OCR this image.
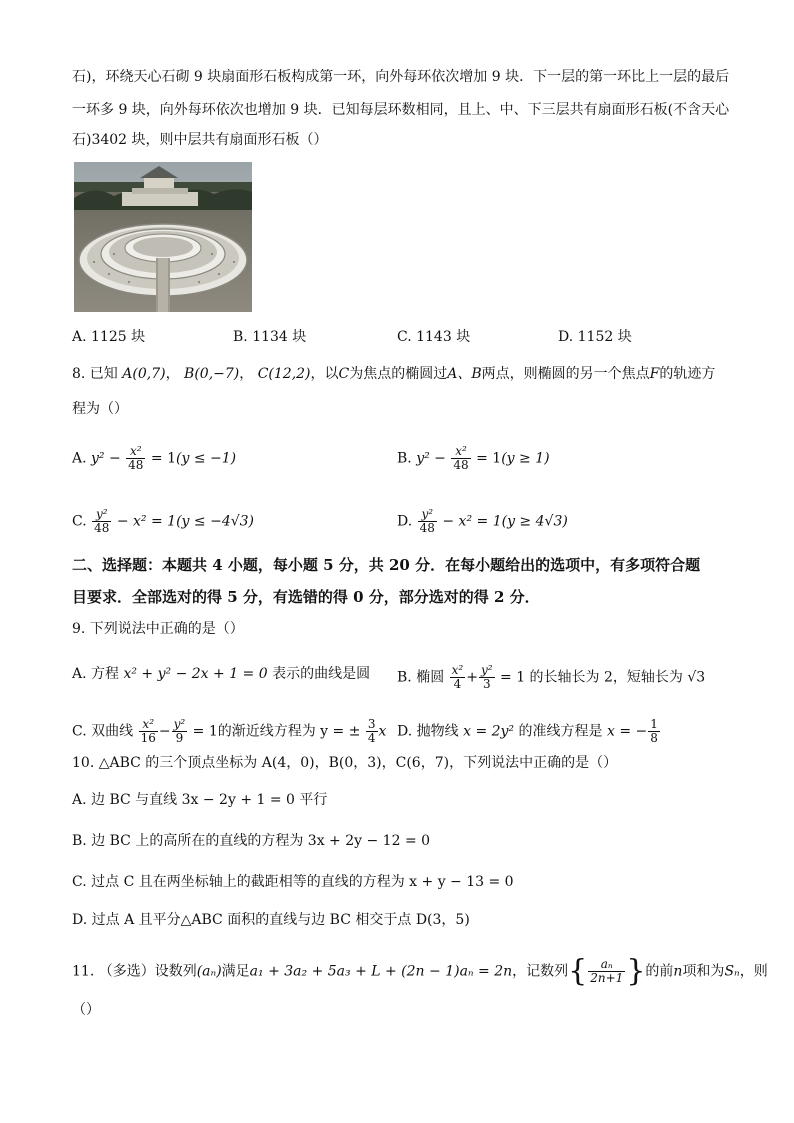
石)，环绕天心石砌 9 块扇面形石板构成第一环，向外每环依次增加 9 块．下一层的第一环比上一层的最后
一环多 9 块，向外每环依次也增加 9 块．已知每层环数相同，且上、中、下三层共有扇面形石板(不含天心
石)3402 块，则中层共有扇面形石板（）
A. 1125 块	B. 1134 块	C. 1143 块	D. 1152 块
8. 已知 A(0,7)， B(0,−7)， C(12,2)，以C为焦点的椭圆过A、B两点，则椭圆的另一个焦点F的轨迹方
程为（）
A. $y^2 - \frac{\text{x²}}{48} = 1(y \le -1)$	B. $y^2 - \frac{\text{x²}}{48} = 1(y \ge 1)$
C. $\frac{\text{y²}}{48} - x^2 = 1(y \le -4√3)$	D. $\frac{\text{y²}}{48} - x^2 = 1(y \ge 4√3)$
二、选择题：本题共 4 小题，每小题 5 分，共 20 分．在每小题给出的选项中，有多项符合题
目要求．全部选对的得 5 分，有选错的得 0 分，部分选对的得 2 分．
9. 下列说法中正确的是（）
A. 方程 x² + y² − 2x + 1 = 0 表示的曲线是圆 B. 椭圆 $\frac{\text{x²}}{4} + \frac{\text{y²}}{3} = 1$ 的长轴长为 2，短轴长为 √3
C. 双曲线 $\frac{\text{x²}}{16} - \frac{\text{y²}}{9} = 1$的渐近线方程为 y = ± $\frac{3}{4}$ x D. 抛物线 x = 2y² 的准线方程是 x = − $\frac{1}{8}$
10. △ABC 的三个顶点坐标为 A(4，0)，B(0，3)，C(6，7)，下列说法中正确的是（）
A. 边 BC 与直线 3x − 2y + 1 = 0 平行
B. 边 BC 上的高所在的直线的方程为 3x + 2y − 12 = 0
C. 过点 C 且在两坐标轴上的截距相等的直线的方程为 x + y − 13 = 0
D. 过点 A 且平分△ABC 面积的直线与边 BC 相交于点 D(3，5)
11. （多选）设数列(aₙ)满足a₁ + 3a₂ + 5a₃ + L + (2n − 1)aₙ = 2n，记数列{ $\frac{\text{aₙ}}{2n+1}$ }的前n项和为Sₙ，则
（）
